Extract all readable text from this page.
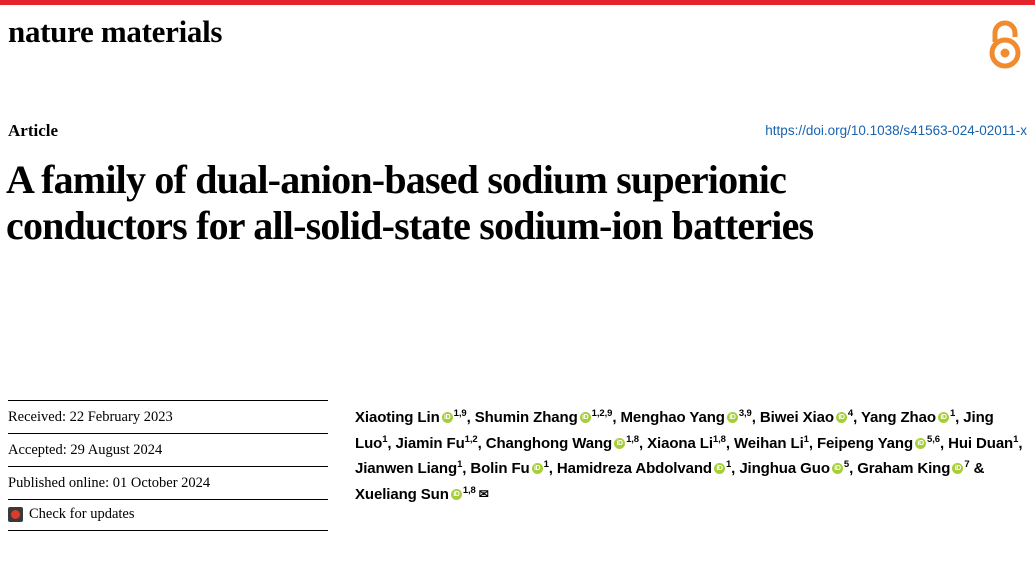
nature materials
Article	https://doi.org/10.1038/s41563-024-02011-x
A family of dual-anion-based sodium superionic conductors for all-solid-state sodium-ion batteries
Received: 22 February 2023
Accepted: 29 August 2024
Published online: 01 October 2024
Check for updates
Xiaoting Lin iD $^{1,9}$, Shumin Zhang iD $^{1,2,9}$, Menghao Yang iD $^{3,9}$, Biwei Xiao iD $^4$, Yang Zhao iD $^1$, Jing Luo$^1$, Jiamin Fu$^{1,2}$, Changhong Wang iD $^{1,8}$, Xiaona Li$^{1,8}$, Weihan Li$^1$, Feipeng Yang iD $^{5,6}$, Hui Duan$^1$, Jianwen Liang$^1$, Bolin Fu iD $^1$, Hamidreza AbdolvandiD $^1$, Jinghua Guo iD $^5$, Graham King iD $^7$ & Xueliang Sun iD $^{1,8}$ ✉
